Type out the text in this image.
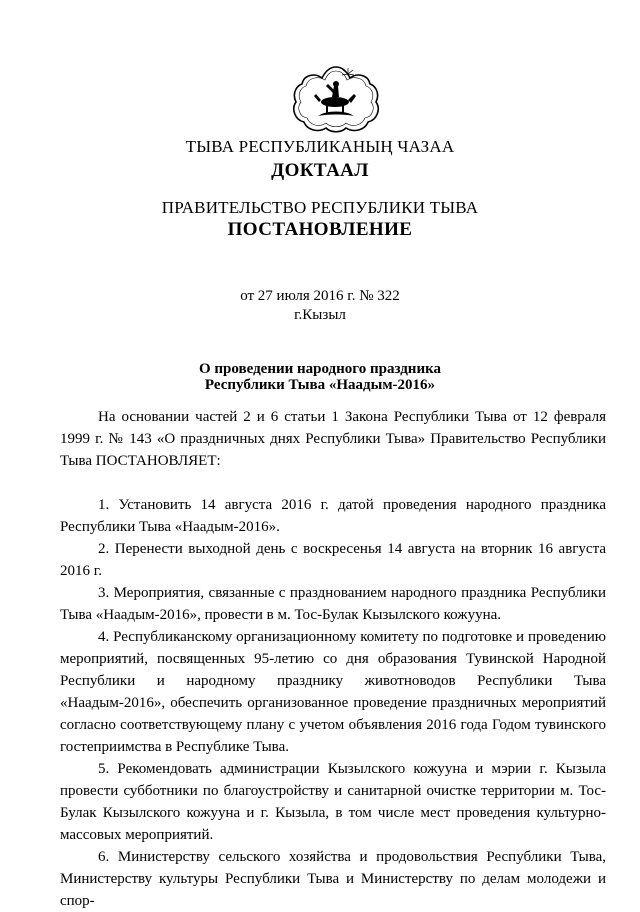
ТЫВА РЕСПУБЛИКАНЫҢ ЧАЗАА
ДОКТААЛ
ПРАВИТЕЛЬСТВО РЕСПУБЛИКИ ТЫВА
ПОСТАНОВЛЕНИЕ
от 27 июля 2016 г. № 322
г.Кызыл
О проведении народного праздника
Республики Тыва «Наадым-2016»

На основании частей 2 и 6 статьи 1 Закона Республики Тыва от 12 февраля 1999 г. № 143 «О праздничных днях Республики Тыва» Правительство Республики Тыва ПОСТАНОВЛЯЕТ:

1. Установить 14 августа 2016 г. датой проведения народного праздника Республики Тыва «Наадым-2016».

2. Перенести выходной день с воскресенья 14 августа на вторник 16 августа 2016 г.

3. Мероприятия, связанные с празднованием народного праздника Республики Тыва «Наадым-2016», провести в м. Тос-Булак Кызылского кожууна.

4. Республиканскому организационному комитету по подготовке и проведению мероприятий, посвященных 95-летию со дня образования Тувинской Народной Республики и народному празднику животноводов Республики Тыва «Наадым-2016», обеспечить организованное проведение праздничных мероприятий согласно соответствующему плану с учетом объявления 2016 года Годом тувинского гостеприимства в Республике Тыва.

5. Рекомендовать администрации Кызылского кожууна и мэрии г. Кызыла провести субботники по благоустройству и санитарной очистке территории м. Тос-Булак Кызылского кожууна и г. Кызыла, в том числе мест проведения культурно-массовых мероприятий.

6. Министерству сельского хозяйства и продовольствия Республики Тыва, Министерству культуры Республики Тыва и Министерству по делам молодежи и спор-
